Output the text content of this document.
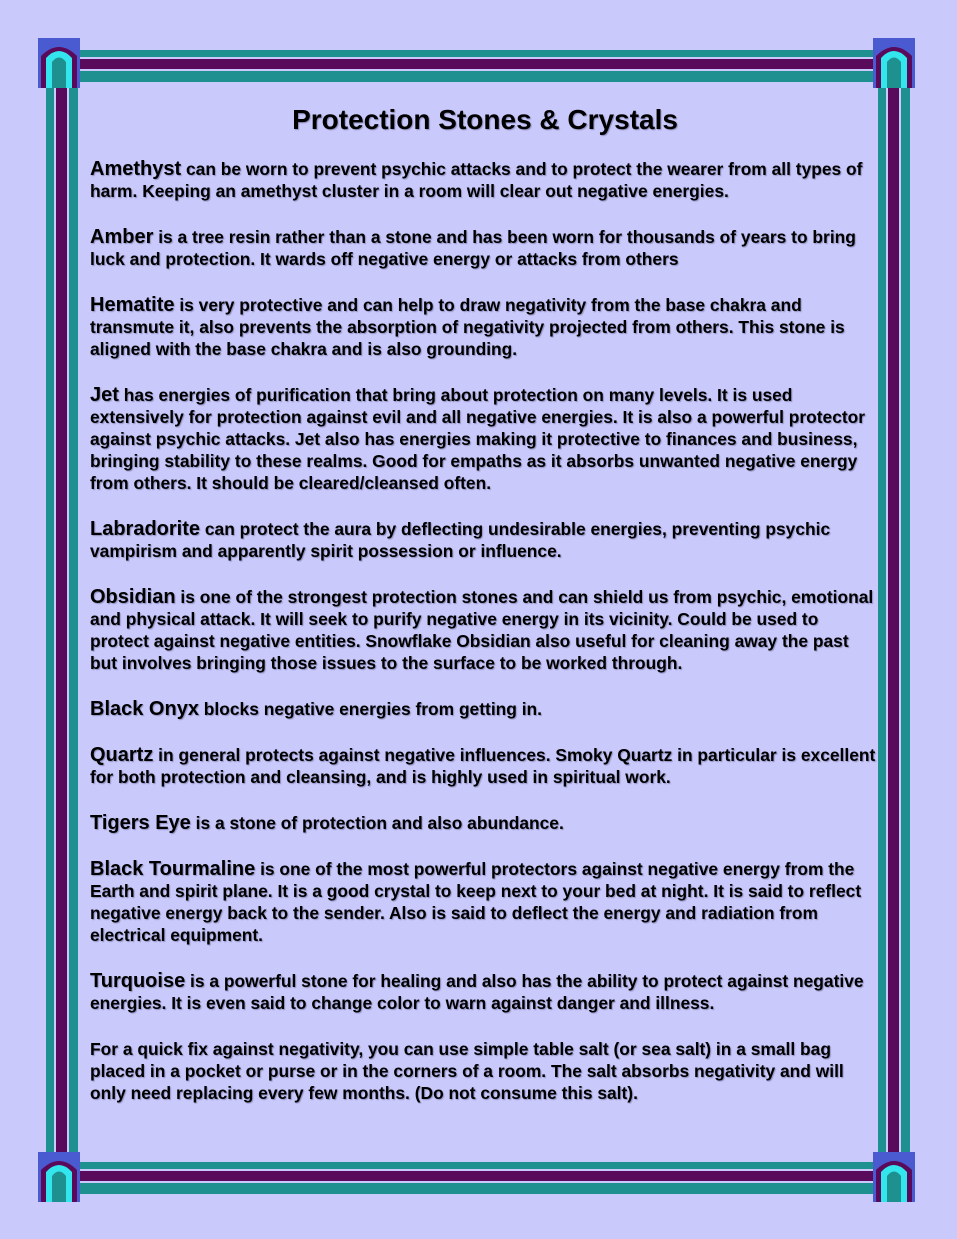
Protection Stones & Crystals

Amethyst can be worn to prevent psychic attacks and to protect the wearer from all types of harm. Keeping an amethyst cluster in a room will clear out negative energies.

Amber is a tree resin rather than a stone and has been worn for thousands of years to bring luck and protection. It wards off negative energy or attacks from others

Hematite is very protective and can help to draw negativity from the base chakra and transmute it, also prevents the absorption of negativity projected from others. This stone is aligned with the base chakra and is also grounding.

Jet has energies of purification that bring about protection on many levels. It is used extensively for protection against evil and all negative energies. It is also a powerful protector against psychic attacks. Jet also has energies making it protective to finances and business, bringing stability to these realms. Good for empaths as it absorbs unwanted negative energy from others. It should be cleared/cleansed often.

Labradorite can protect the aura by deflecting undesirable energies, preventing psychic vampirism and apparently spirit possession or influence.

Obsidian is one of the strongest protection stones and can shield us from psychic, emotional and physical attack. It will seek to purify negative energy in its vicinity. Could be used to protect against negative entities. Snowflake Obsidian also useful for cleaning away the past but involves bringing those issues to the surface to be worked through.

Black Onyx blocks negative energies from getting in.

Quartz in general protects against negative influences. Smoky Quartz in particular is excellent for both protection and cleansing, and is highly used in spiritual work.

Tigers Eye is a stone of protection and also abundance.

Black Tourmaline is one of the most powerful protectors against negative energy from the Earth and spirit plane. It is a good crystal to keep next to your bed at night. It is said to reflect negative energy back to the sender. Also is said to deflect the energy and radiation from electrical equipment.

Turquoise is a powerful stone for healing and also has the ability to protect against negative energies. It is even said to change color to warn against danger and illness.

For a quick fix against negativity, you can use simple table salt (or sea salt) in a small bag placed in a pocket or purse or in the corners of a room. The salt absorbs negativity and will only need replacing every few months. (Do not consume this salt).
